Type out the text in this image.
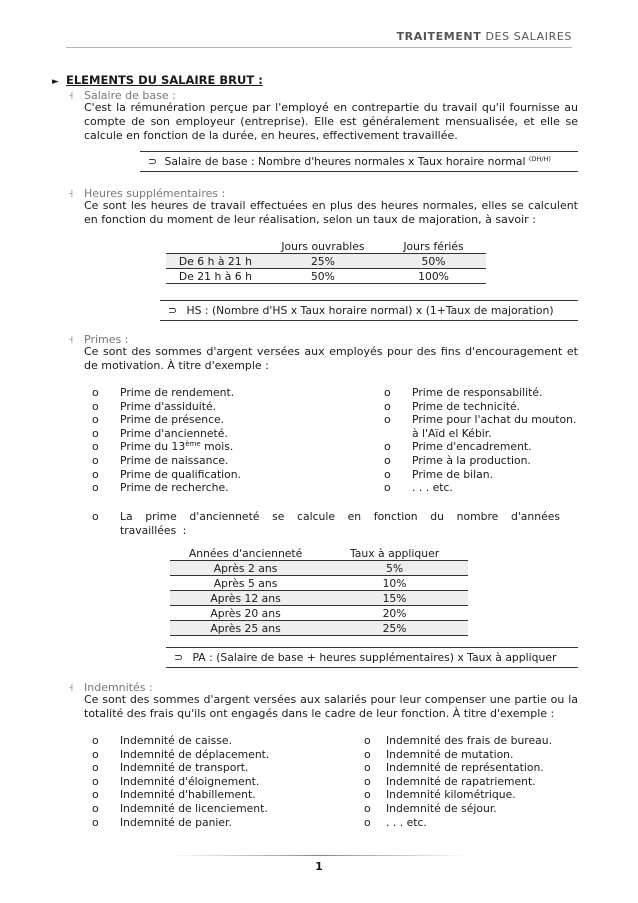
TRAITEMENT DES SALAIRES
► ELEMENTS DU SALAIRE BRUT :
˧ Salaire de base :
C'est la rémunération perçue par l'employé en contrepartie du travail qu'il fournisse au compte de son employeur (entreprise). Elle est généralement mensualisée, et elle se calcule en fonction de la durée, en heures, effectivement travaillée.
⊃ Salaire de base : Nombre d'heures normales x Taux horaire normal $^{(DH/H)}$
˧ Heures supplémentaires :
Ce sont les heures de travail effectuées en plus des heures normales, elles se calculent en fonction du moment de leur réalisation, selon un taux de majoration, à savoir :
	Jours ouvrables	Jours fériés
De 6 h à 21 h	25%	50%
De 21 h à 6 h	50%	100%
⊃ HS : (Nombre d'HS x Taux horaire normal) x (1+Taux de majoration)
˧ Primes :
Ce sont des sommes d'argent versées aux employés pour des fins d'encouragement et de motivation. À titre d'exemple :
o	Prime de rendement.
o	Prime d'assiduité.
o	Prime de présence.
o	Prime d'ancienneté.
o	Prime du 13ème mois.
o	Prime de naissance.
o	Prime de qualification.
o	Prime de recherche.
o	Prime de responsabilité.
o	Prime de technicité.
o	Prime pour l'achat du mouton.
à l'Aïd el Kébir.
o	Prime d'encadrement.
o	Prime à la production.
o	Prime de bilan.
o	. . . etc.
o	La prime d'ancienneté se calcule en fonction du nombre d'années travaillées :
Années d'ancienneté	Taux à appliquer
Après 2 ans	5%
Après 5 ans	10%
Après 12 ans	15%
Après 20 ans	20%
Après 25 ans	25%
⊃ PA : (Salaire de base + heures supplémentaires) x Taux à appliquer
˧ Indemnités :
Ce sont des sommes d'argent versées aux salariés pour leur compenser une partie ou la totalité des frais qu'ils ont engagés dans le cadre de leur fonction. À titre d'exemple :
o	Indemnité de caisse.
o	Indemnité de déplacement.
o	Indemnité de transport.
o	Indemnité d'éloignement.
o	Indemnité d'habillement.
o	Indemnité de licenciement.
o	Indemnité de panier.
o	Indemnité des frais de bureau.
o	Indemnité de mutation.
o	Indemnité de représentation.
o	Indemnité de rapatriement.
o	Indemnité kilométrique.
o	Indemnité de séjour.
o	. . . etc.
1
